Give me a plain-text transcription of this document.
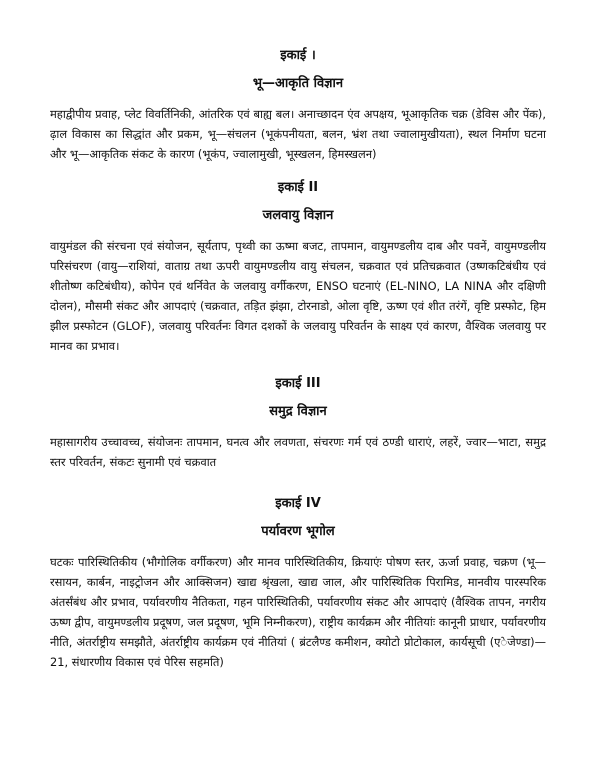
इकाई ।
भू—आकृति विज्ञान

महाद्वीपीय प्रवाह, प्लेट विवर्तिनिकी, आंतरिक एवं बाह्य बल। अनाच्छादन एंव अपक्षय, भूआकृतिक चक्र (डेविस और पेंक), ढ़ाल विकास का सिद्धांत और प्रकम, भू—संचलन (भूकंपनीयता, बलन, भ्रंश तथा ज्वालामुखीयता), स्थल निर्माण घटना और भू—आकृतिक संकट के कारण (भूकंप, ज्वालामुखी, भूस्खलन, हिमस्खलन)

इकाई II
जलवायु विज्ञान

वायुमंडल की संरचना एवं संयोजन, सूर्यताप, पृथ्वी का ऊष्मा बजट, तापमान, वायुमण्डलीय दाब और पवनें, वायुमण्डलीय परिसंचरण (वायु—राशियां, वाताग्र तथा ऊपरी वायुमण्डलीय वायु संचलन, चक्रवात एवं प्रतिचक्रवात (उष्णकटिबंधीय एवं शीतोष्ण कटिबंधीय), कोपेन एवं थर्निवेत के जलवायु वर्गीकरण, ENSO घटनाएं (EL-NINO, LA NINA और दक्षिणी दोलन), मौसमी संकट और आपदाएं (चक्रवात, तड़ित झंझा, टोरनाडो, ओला वृष्टि, ऊष्ण एवं शीत तरंगें, वृष्टि प्रस्फोट, हिम झील प्रस्फोटन (GLOF), जलवायु परिवर्तनः विगत दशकों के जलवायु परिवर्तन के साक्ष्य एवं कारण, वैश्विक जलवायु पर मानव का प्रभाव।

इकाई III
समुद्र विज्ञान

महासागरीय उच्चावच्च, संयोजनः तापमान, घनत्व और लवणता, संचरणः गर्म एवं ठण्डी धाराएं, लहरें, ज्वार—भाटा, समुद्र स्तर परिवर्तन, संकटः सुनामी एवं चक्रवात

इकाई IV
पर्यावरण भूगोल

घटकः पारिस्थितिकीय (भौगोलिक वर्गीकरण) और मानव पारिस्थितिकीय, क्रियाएंः पोषण स्तर, ऊर्जा प्रवाह, चक्रण (भू—रसायन, कार्बन, नाइट्रोजन और आक्सिजन) खाद्य श्रृंखला, खाद्य जाल, और पारिस्थितिक पिरामिड, मानवीय पारस्परिक अंतर्संबंध और प्रभाव, पर्यावरणीय नैतिकता, गहन पारिस्थितिकी, पर्यावरणीय संकट और आपदाएं (वैश्विक तापन, नगरीय ऊष्ण द्वीप, वायुमण्डलीय प्रदूषण, जल प्रदूषण, भूमि निम्नीकरण), राष्ट्रीय कार्यक्रम और नीतियांः कानूनी प्राधार, पर्यावरणीय नीति, अंतर्राष्ट्रीय समझौते, अंतर्राष्ट्रीय कार्यक्रम एवं नीतियां ( ब्रंटलैण्ड कमीशन, क्योटो प्रोटोकाल, कार्यसूची (एेजेण्डा)—21, संधारणीय विकास एवं पेरिस सहमति)
